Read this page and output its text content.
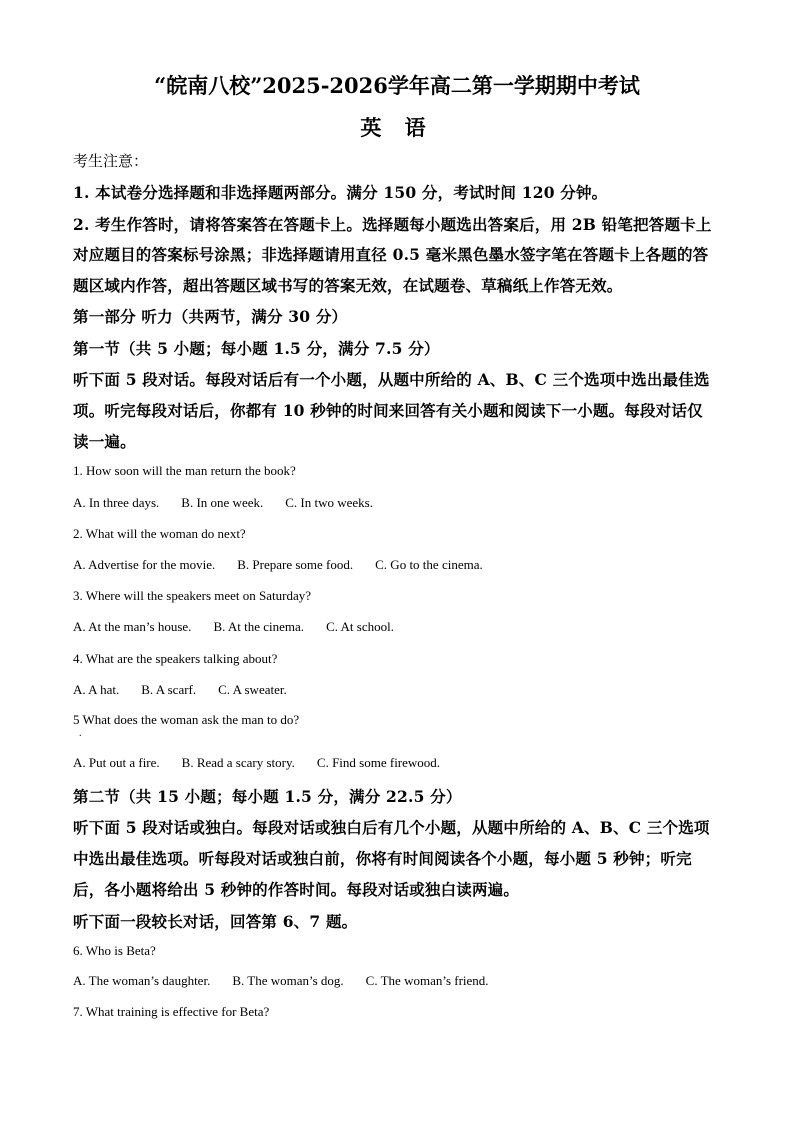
“皖南八校”2025-2026学年高二第一学期期中考试
英 语
考生注意：
1. 本试卷分选择题和非选择题两部分。满分 150 分，考试时间 120 分钟。
2. 考生作答时，请将答案答在答题卡上。选择题每小题选出答案后，用 2B 铅笔把答题卡上
对应题目的答案标号涂黑；非选择题请用直径 0.5 毫米黑色墨水签字笔在答题卡上各题的答
题区域内作答，超出答题区域书写的答案无效，在试题卷、草稿纸上作答无效。
第一部分 听力（共两节，满分 30 分）
第一节（共 5 小题；每小题 1.5 分，满分 7.5 分）
听下面 5 段对话。每段对话后有一个小题，从题中所给的 A、B、C 三个选项中选出最佳选
项。听完每段对话后，你都有 10 秒钟的时间来回答有关小题和阅读下一小题。每段对话仅
读一遍。
1. How soon will the man return the book?
A. In three days. B. In one week. C. In two weeks.
2. What will the woman do next?
A. Advertise for the movie. B. Prepare some food. C. Go to the cinema.
3. Where will the speakers meet on Saturday?
A. At the man’s house. B. At the cinema. C. At school.
4. What are the speakers talking about?
A. A hat. B. A scarf. C. A sweater.
5 What does the woman ask the man to do?
.
A. Put out a fire. B. Read a scary story. C. Find some firewood.
第二节（共 15 小题；每小题 1.5 分，满分 22.5 分）
听下面 5 段对话或独白。每段对话或独白后有几个小题，从题中所给的 A、B、C 三个选项
中选出最佳选项。听每段对话或独白前，你将有时间阅读各个小题，每小题 5 秒钟；听完
后，各小题将给出 5 秒钟的作答时间。每段对话或独白读两遍。
听下面一段较长对话，回答第 6、7 题。
6. Who is Beta?
A. The woman’s daughter. B. The woman’s dog. C. The woman’s friend.
7. What training is effective for Beta?
